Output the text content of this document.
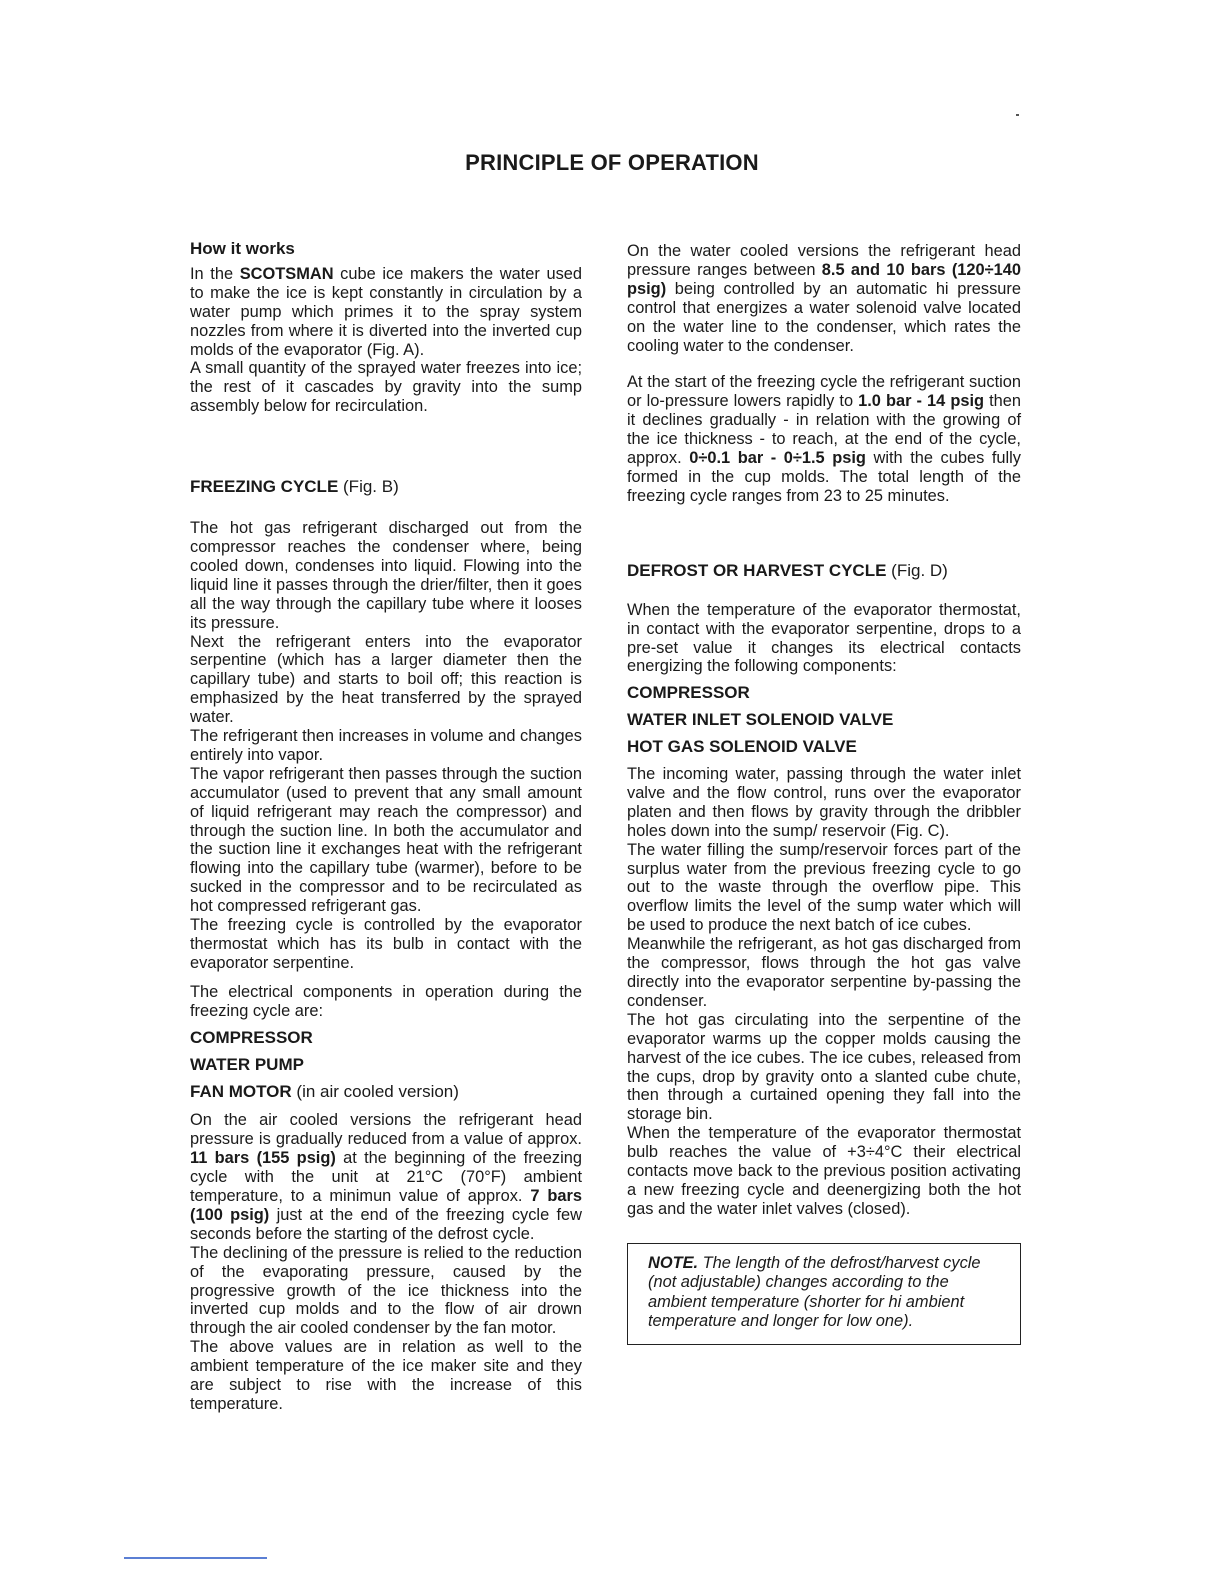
PRINCIPLE OF OPERATION
How it works

In the SCOTSMAN cube ice makers the water used to make the ice is kept constantly in circulation by a water pump which primes it to the spray system nozzles from where it is diverted into the inverted cup molds of the evaporator (Fig. A).

A small quantity of the sprayed water freezes into ice; the rest of it cascades by gravity into the sump assembly below for recirculation.

FREEZING CYCLE (Fig. B)

The hot gas refrigerant discharged out from the compressor reaches the condenser where, being cooled down, condenses into liquid. Flowing into the liquid line it passes through the drier/filter, then it goes all the way through the capillary tube where it looses its pressure.

Next the refrigerant enters into the evaporator serpentine (which has a larger diameter then the capillary tube) and starts to boil off; this reaction is emphasized by the heat transferred by the sprayed water.

The refrigerant then increases in volume and changes entirely into vapor.

The vapor refrigerant then passes through the suction accumulator (used to prevent that any small amount of liquid refrigerant may reach the compressor) and through the suction line. In both the accumulator and the suction line it exchanges heat with the refrigerant flowing into the capillary tube (warmer), before to be sucked in the compressor and to be recirculated as hot compressed refrigerant gas.

The freezing cycle is controlled by the evaporator thermostat which has its bulb in contact with the evaporator serpentine.

The electrical components in operation during the freezing cycle are:

COMPRESSOR
WATER PUMP
FAN MOTOR (in air cooled version)

On the air cooled versions the refrigerant head pressure is gradually reduced from a value of approx. 11 bars (155 psig) at the beginning of the freezing cycle with the unit at 21°C (70°F) ambient temperature, to a minimun value of approx. 7 bars (100 psig) just at the end of the freezing cycle few seconds before the starting of the defrost cycle.

The declining of the pressure is relied to the reduction of the evaporating pressure, caused by the progressive growth of the ice thickness into the inverted cup molds and to the flow of air drown through the air cooled condenser by the fan motor.

The above values are in relation as well to the ambient temperature of the ice maker site and they are subject to rise with the increase of this temperature.

On the water cooled versions the refrigerant head pressure ranges between 8.5 and 10 bars (120÷140 psig) being controlled by an automatic hi pressure control that energizes a water solenoid valve located on the water line to the condenser, which rates the cooling water to the condenser.

At the start of the freezing cycle the refrigerant suction or lo-pressure lowers rapidly to 1.0 bar - 14 psig then it declines gradually - in relation with the growing of the ice thickness - to reach, at the end of the cycle, approx. 0÷0.1 bar - 0÷1.5 psig with the cubes fully formed in the cup molds. The total length of the freezing cycle ranges from 23 to 25 minutes.

DEFROST OR HARVEST CYCLE (Fig. D)

When the temperature of the evaporator thermostat, in contact with the evaporator serpentine, drops to a pre-set value it changes its electrical contacts energizing the following components:

COMPRESSOR
WATER INLET SOLENOID VALVE
HOT GAS SOLENOID VALVE

The incoming water, passing through the water inlet valve and the flow control, runs over the evaporator platen and then flows by gravity through the dribbler holes down into the sump/ reservoir (Fig. C).

The water filling the sump/reservoir forces part of the surplus water from the previous freezing cycle to go out to the waste through the overflow pipe. This overflow limits the level of the sump water which will be used to produce the next batch of ice cubes.

Meanwhile the refrigerant, as hot gas discharged from the compressor, flows through the hot gas valve directly into the evaporator serpentine by-passing the condenser.

The hot gas circulating into the serpentine of the evaporator warms up the copper molds causing the harvest of the ice cubes. The ice cubes, released from the cups, drop by gravity onto a slanted cube chute, then through a curtained opening they fall into the storage bin.

When the temperature of the evaporator thermostat bulb reaches the value of +3÷4°C their electrical contacts move back to the previous position activating a new freezing cycle and deenergizing both the hot gas and the water inlet valves (closed).

NOTE. The length of the defrost/harvest cycle (not adjustable) changes according to the ambient temperature (shorter for hi ambient temperature and longer for low one).
